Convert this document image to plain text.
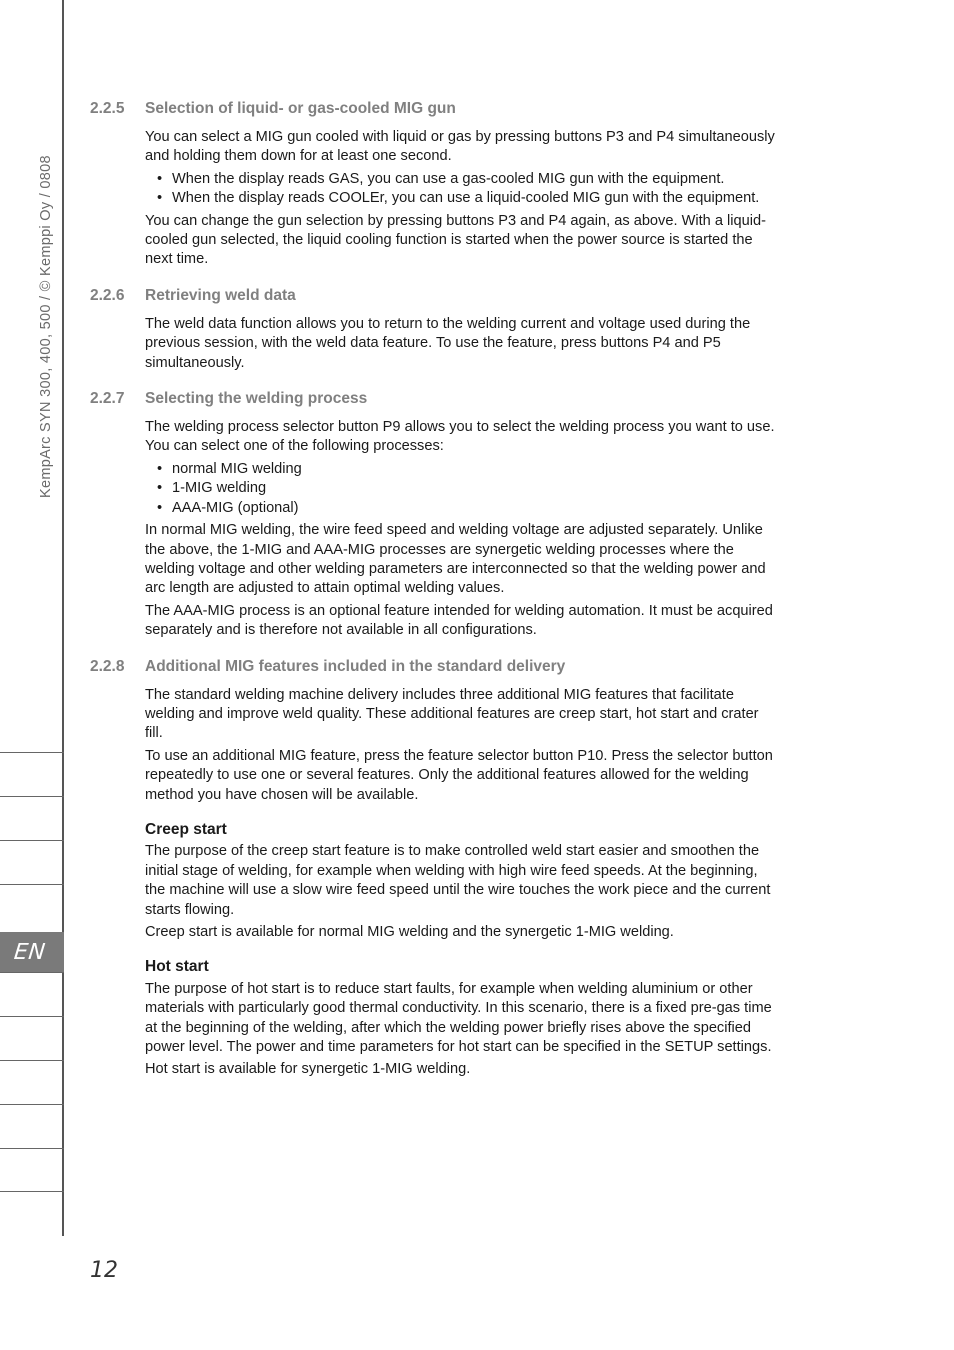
KempArc SYN 300, 400, 500 / © Kemppi Oy / 0808
EN
12
2.2.5	Selection of liquid- or gas-cooled MIG gun

You can select a MIG gun cooled with liquid or gas by pressing buttons P3 and P4 simultaneously and holding them down for at least one second.

• When the display reads GAS, you can use a gas-cooled MIG gun with the equipment.
• When the display reads COOLEr, you can use a liquid-cooled MIG gun with the equipment.

You can change the gun selection by pressing buttons P3 and P4 again, as above. With a liquid-cooled gun selected, the liquid cooling function is started when the power source is started the next time.

2.2.6	Retrieving weld data

The weld data function allows you to return to the welding current and voltage used during the previous session, with the weld data feature. To use the feature, press buttons P4 and P5 simultaneously.

2.2.7	Selecting the welding process

The welding process selector button P9 allows you to select the welding process you want to use. You can select one of the following processes:

• normal MIG welding
• 1-MIG welding
• AAA-MIG (optional)

In normal MIG welding, the wire feed speed and welding voltage are adjusted separately. Unlike the above, the 1-MIG and AAA-MIG processes are synergetic welding processes where the welding voltage and other welding parameters are interconnected so that the welding power and arc length are adjusted to attain optimal welding values.

The AAA-MIG process is an optional feature intended for welding automation. It must be acquired separately and is therefore not available in all configurations.

2.2.8	Additional MIG features included in the standard delivery

The standard welding machine delivery includes three additional MIG features that facilitate welding and improve weld quality. These additional features are creep start, hot start and crater fill.

To use an additional MIG feature, press the feature selector button P10. Press the selector button repeatedly to use one or several features. Only the additional features allowed for the welding method you have chosen will be available.

Creep start

The purpose of the creep start feature is to make controlled weld start easier and smoothen the initial stage of welding, for example when welding with high wire feed speeds. At the beginning, the machine will use a slow wire feed speed until the wire touches the work piece and the current starts flowing.

Creep start is available for normal MIG welding and the synergetic 1-MIG welding.

Hot start

The purpose of hot start is to reduce start faults, for example when welding aluminium or other materials with particularly good thermal conductivity. In this scenario, there is a fixed pre-gas time at the beginning of the welding, after which the welding power briefly rises above the specified power level. The power and time parameters for hot start can be specified in the SETUP settings.

Hot start is available for synergetic 1-MIG welding.
